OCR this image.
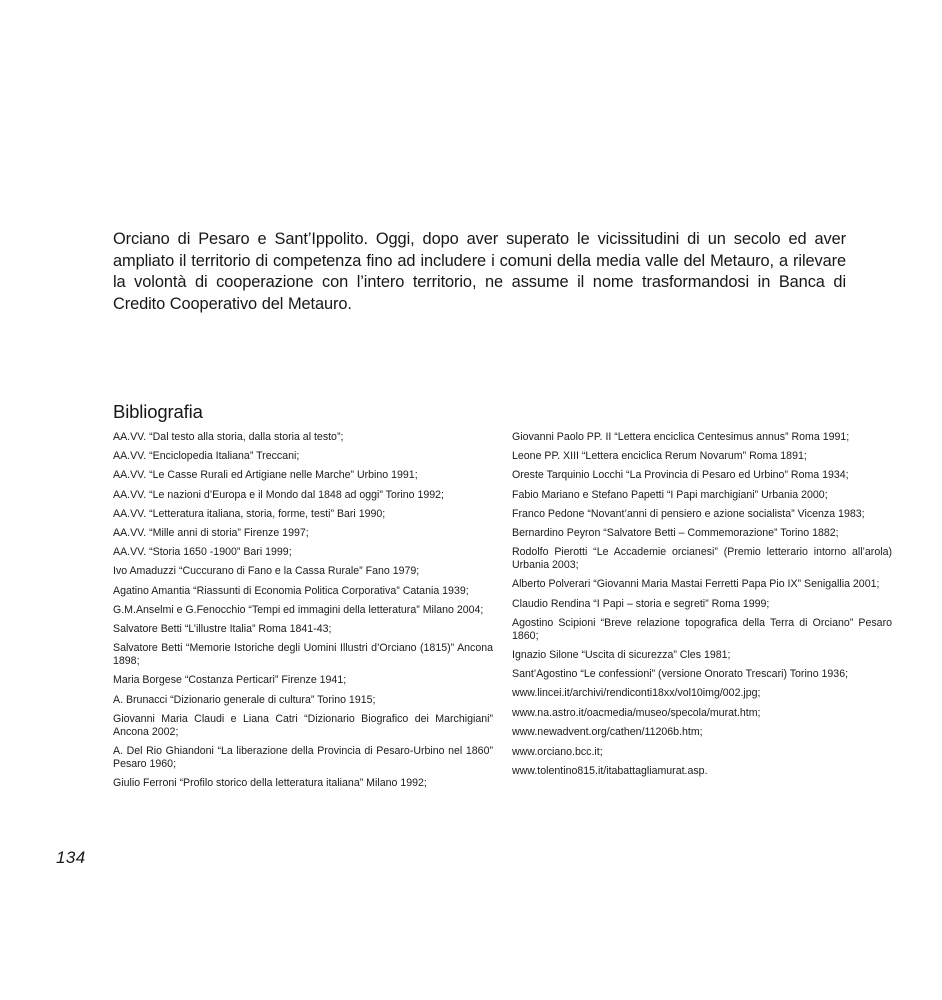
Orciano di Pesaro e Sant’Ippolito. Oggi, dopo aver superato le vicissitudini di un secolo ed aver ampliato il territorio di competenza fino ad includere i comuni della media valle del Metauro, a rilevare la volontà di cooperazione con l’intero territorio, ne assume il nome trasformandosi in Banca di Credito Cooperativo del Metauro.

Bibliografia

AA.VV. “Dal testo alla storia, dalla storia al testo”;

AA.VV. “Enciclopedia Italiana” Treccani;

AA.VV. “Le Casse Rurali ed Artigiane nelle Marche” Urbino 1991;

AA.VV. “Le nazioni d’Europa e il Mondo dal 1848 ad oggi” Torino 1992;

AA.VV. “Letteratura italiana, storia, forme, testi” Bari 1990;

AA.VV. “Mille anni di storia” Firenze 1997;

AA.VV. “Storia 1650 -1900” Bari 1999;

Ivo Amaduzzi “Cuccurano di Fano e la Cassa Rurale” Fano 1979;

Agatino Amantia “Riassunti di Economia Politica Corporativa” Catania 1939;

G.M.Anselmi e G.Fenocchio “Tempi ed immagini della letteratura” Milano 2004;

Salvatore Betti “L’illustre Italia” Roma 1841-43;

Salvatore Betti “Memorie Istoriche degli Uomini Illustri d’Orciano (1815)” Ancona 1898;

Maria Borgese “Costanza Perticari” Firenze 1941;

A. Brunacci “Dizionario generale di cultura” Torino 1915;

Giovanni Maria Claudi e Liana Catri “Dizionario Biografico dei Marchigiani” Ancona 2002;

A. Del Rio Ghiandoni “La liberazione della Provincia di Pesaro-Urbino nel 1860” Pesaro 1960;

Giulio Ferroni “Profilo storico della letteratura italiana” Milano 1992;

Giovanni Paolo PP. II “Lettera enciclica Centesimus annus” Roma 1991;

Leone PP. XIII “Lettera enciclica Rerum Novarum” Roma 1891;

Oreste Tarquinio Locchi “La Provincia di Pesaro ed Urbino” Roma 1934;

Fabio Mariano e Stefano Papetti “I Papi marchigiani” Urbania 2000;

Franco Pedone “Novant’anni di pensiero e azione socialista” Vicenza 1983;

Bernardino Peyron “Salvatore Betti – Commemorazione” Torino 1882;

Rodolfo Pierotti “Le Accademie orcianesi” (Premio letterario intorno all’arola) Urbania 2003;

Alberto Polverari “Giovanni Maria Mastai Ferretti Papa Pio IX” Senigallia 2001;

Claudio Rendina “I Papi – storia e segreti” Roma 1999;

Agostino Scipioni “Breve relazione topografica della Terra di Orciano” Pesaro 1860;

Ignazio Silone “Uscita di sicurezza” Cles 1981;

Sant’Agostino “Le confessioni” (versione Onorato Trescari) Torino 1936;

www.lincei.it/archivi/rendiconti18xx/vol10img/002.jpg;

www.na.astro.it/oacmedia/museo/specola/murat.htm;

www.newadvent.org/cathen/11206b.htm;

www.orciano.bcc.it;

www.tolentino815.it/itabattagliamurat.asp.

134
